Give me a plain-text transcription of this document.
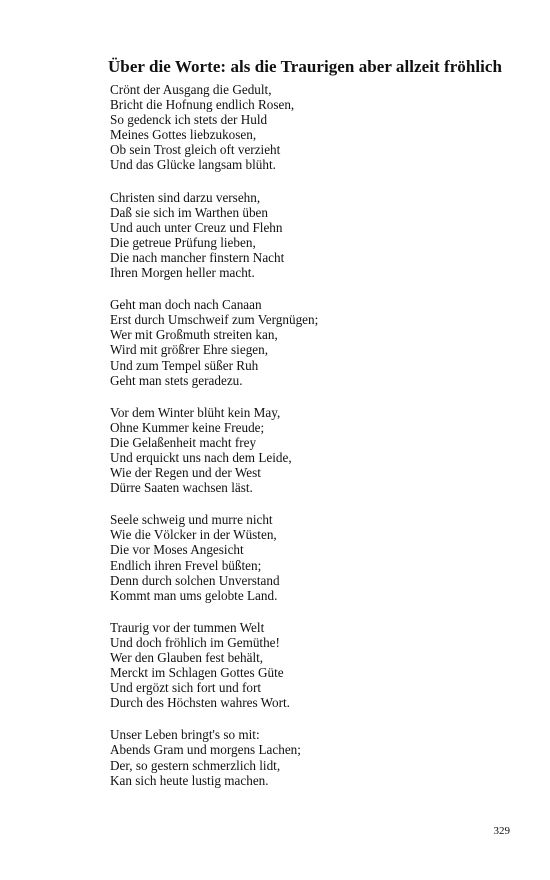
Über die Worte: als die Traurigen aber allzeit fröhlich
Crönt der Ausgang die Gedult,
Bricht die Hofnung endlich Rosen,
So gedenck ich stets der Huld
Meines Gottes liebzukosen,
Ob sein Trost gleich oft verzieht
Und das Glücke langsam blüht.
Christen sind darzu versehn,
Daß sie sich im Warthen üben
Und auch unter Creuz und Flehn
Die getreue Prüfung lieben,
Die nach mancher finstern Nacht
Ihren Morgen heller macht.
Geht man doch nach Canaan
Erst durch Umschweif zum Vergnügen;
Wer mit Großmuth streiten kan,
Wird mit größrer Ehre siegen,
Und zum Tempel süßer Ruh
Geht man stets geradezu.
Vor dem Winter blüht kein May,
Ohne Kummer keine Freude;
Die Gelaßenheit macht frey
Und erquickt uns nach dem Leide,
Wie der Regen und der West
Dürre Saaten wachsen läst.
Seele schweig und murre nicht
Wie die Völcker in der Wüsten,
Die vor Moses Angesicht
Endlich ihren Frevel büßten;
Denn durch solchen Unverstand
Kommt man ums gelobte Land.
Traurig vor der tummen Welt
Und doch fröhlich im Gemüthe!
Wer den Glauben fest behält,
Merckt im Schlagen Gottes Güte
Und ergözt sich fort und fort
Durch des Höchsten wahres Wort.
Unser Leben bringt's so mit:
Abends Gram und morgens Lachen;
Der, so gestern schmerzlich lidt,
Kan sich heute lustig machen.
329
